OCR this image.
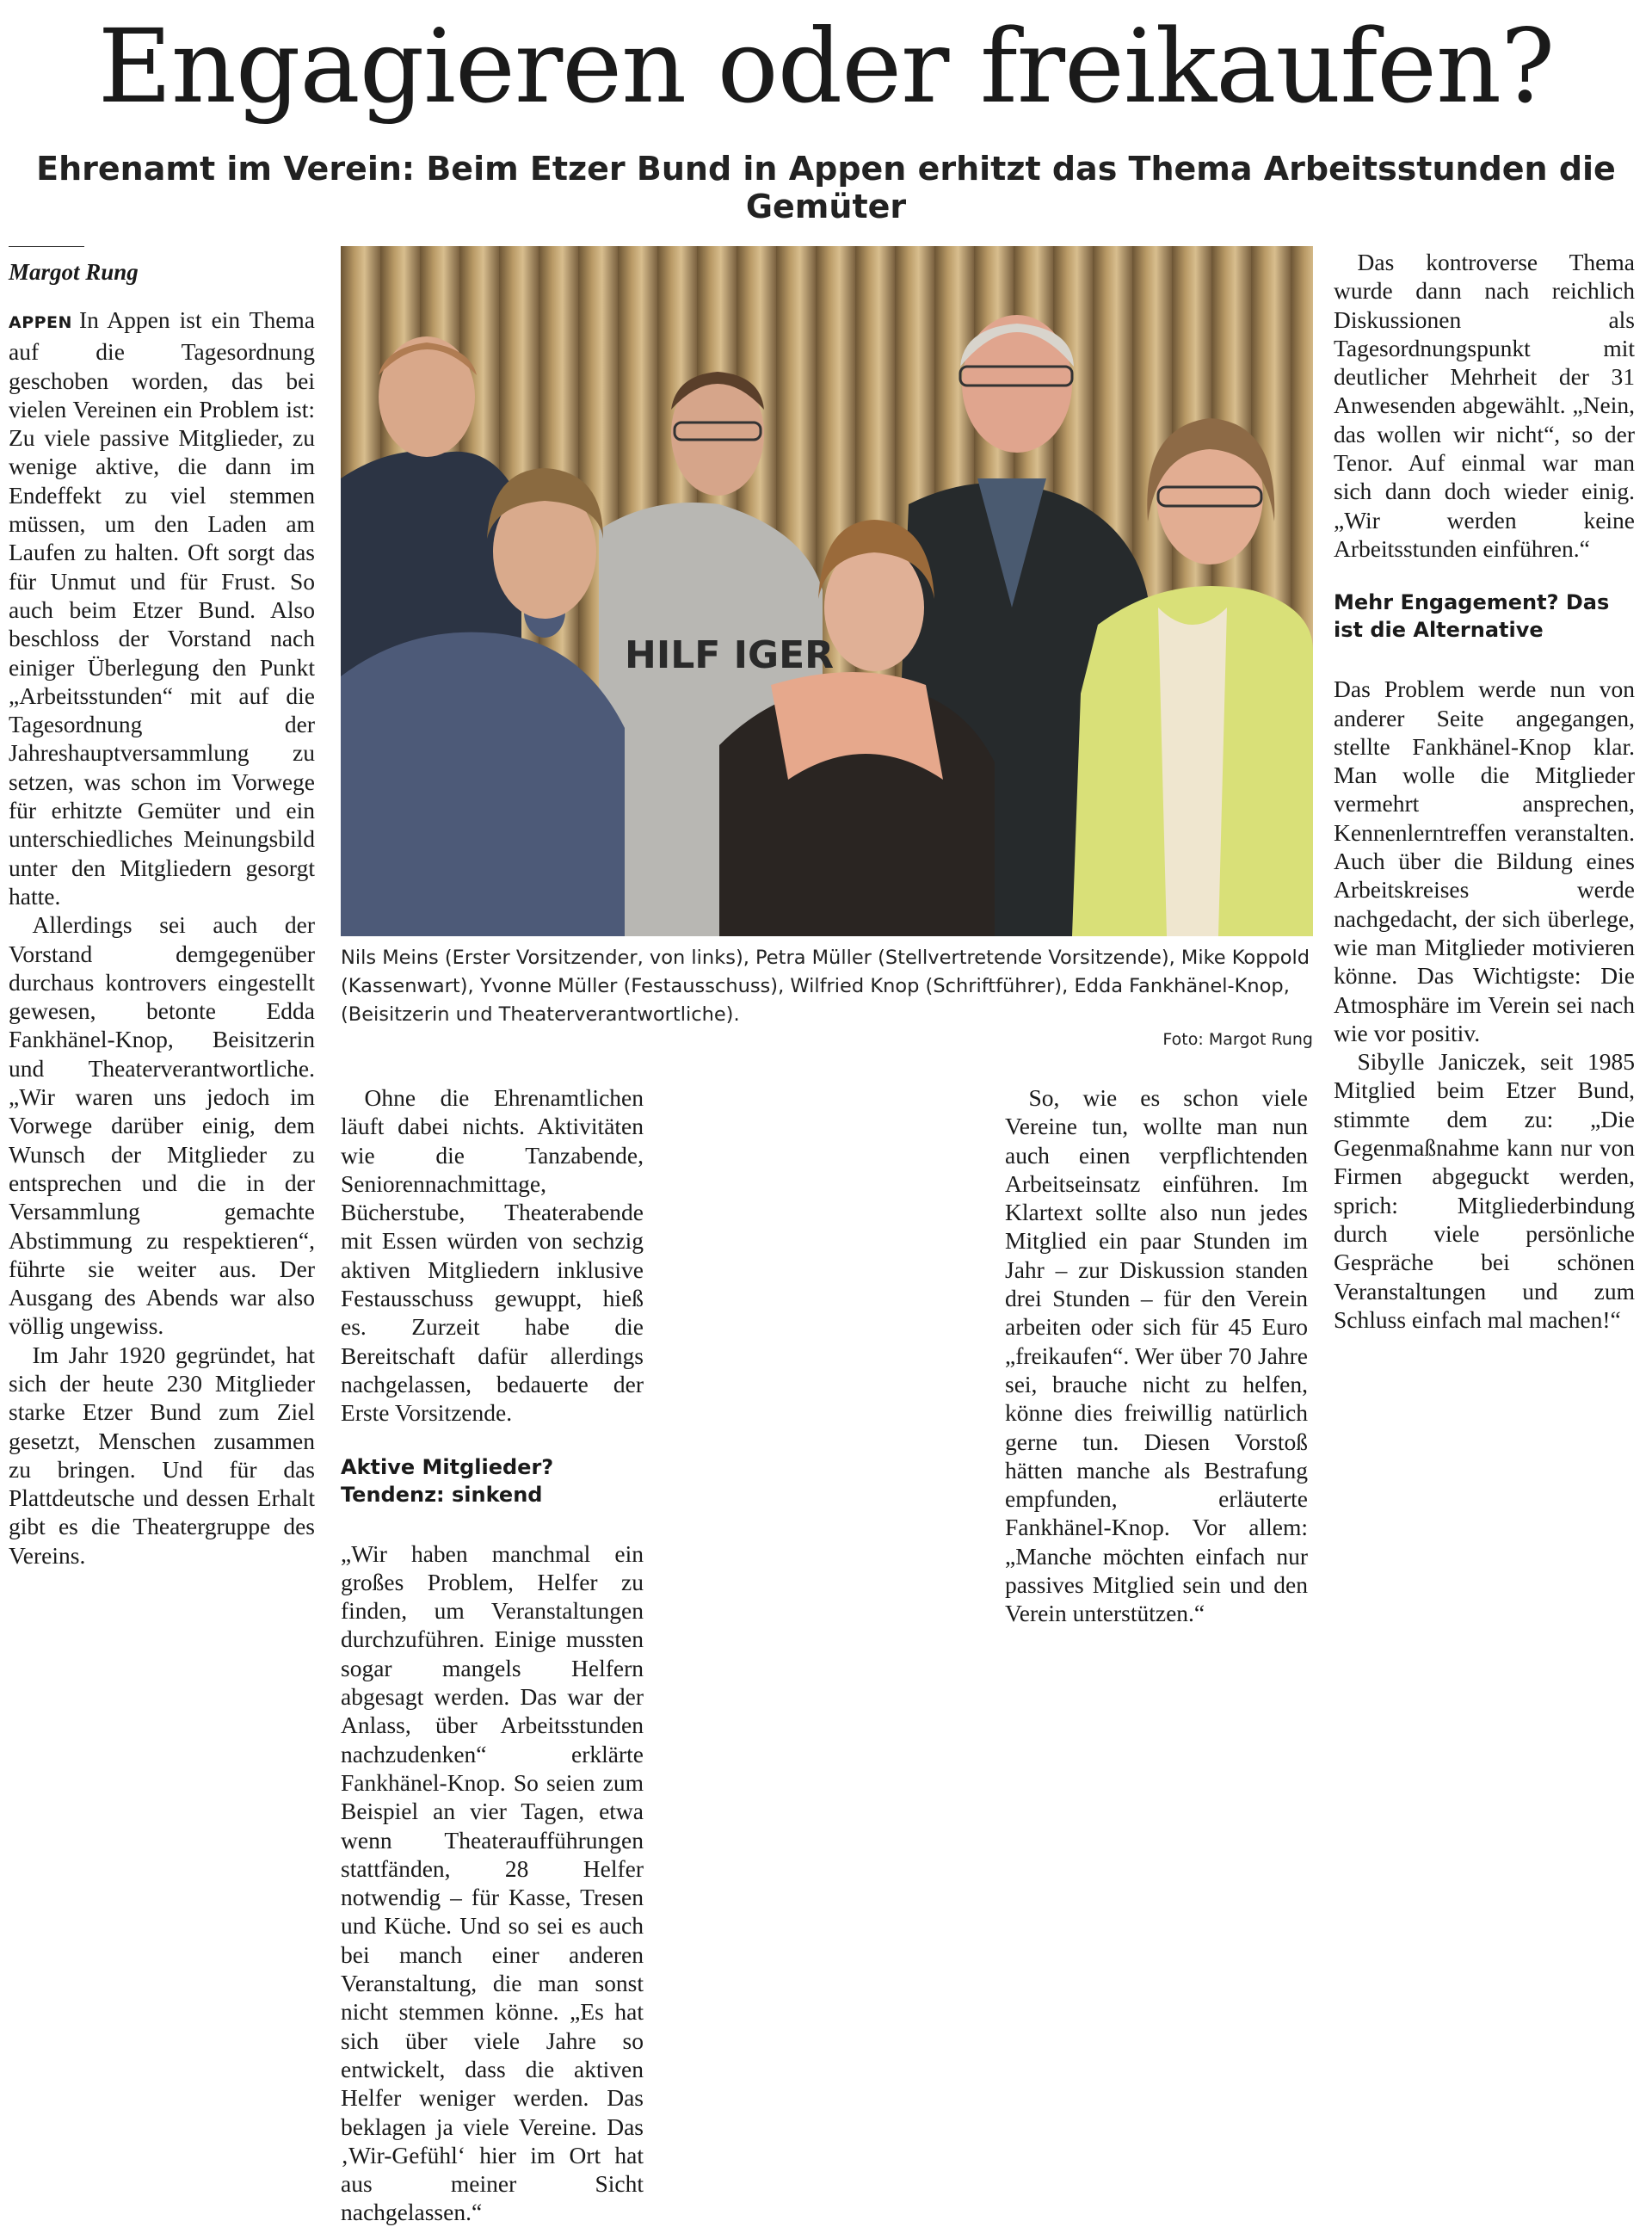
Engagieren oder freikaufen?
Ehrenamt im Verein: Beim Etzer Bund in Appen erhitzt das Thema Arbeitsstunden die Gemüter
Margot Rung

APPEN In Appen ist ein Thema auf die Tagesordnung geschoben worden, das bei vielen Vereinen ein Problem ist: Zu viele passive Mitglieder, zu wenige aktive, die dann im Endeffekt zu viel stemmen müssen, um den Laden am Laufen zu halten. Oft sorgt das für Unmut und für Frust. So auch beim Etzer Bund. Also beschloss der Vorstand nach einiger Überlegung den Punkt „Arbeitsstunden“ mit auf die Tagesordnung der Jahreshauptversammlung zu setzen, was schon im Vorwege für erhitzte Gemüter und ein unterschiedliches Meinungsbild unter den Mitgliedern gesorgt hatte.

Allerdings sei auch der Vorstand demgegenüber durchaus kontrovers eingestellt gewesen, betonte Edda Fankhänel-Knop, Beisitzerin und Theaterverantwortliche. „Wir waren uns jedoch im Vorwege darüber einig, dem Wunsch der Mitglieder zu entsprechen und die in der Versammlung gemachte Abstimmung zu respektieren“, führte sie weiter aus. Der Ausgang des Abends war also völlig ungewiss.

Im Jahr 1920 gegründet, hat sich der heute 230 Mitglieder starke Etzer Bund zum Ziel gesetzt, Menschen zusammen zu bringen. Und für das Plattdeutsche und dessen Erhalt gibt es die Theatergruppe des Vereins.

HILF IGER
Nils Meins (Erster Vorsitzender, von links), Petra Müller (Stellvertretende Vorsitzende), Mike Koppold (Kassenwart), Yvonne Müller (Festausschuss), Wilfried Knop (Schriftführer), Edda Fankhänel-Knop, (Beisitzerin und Theaterverantwortliche).
Foto: Margot Rung

Ohne die Ehrenamtlichen läuft dabei nichts. Aktivitäten wie die Tanzabende, Seniorennachmittage, Bücherstube, Theaterabende mit Essen würden von sechzig aktiven Mitgliedern inklusive Festausschuss gewuppt, hieß es. Zurzeit habe die Bereitschaft dafür allerdings nachgelassen, bedauerte der Erste Vorsitzende.

Aktive Mitglieder? Tendenz: sinkend

„Wir haben manchmal ein großes Problem, Helfer zu finden, um Veranstaltungen durchzuführen. Einige mussten sogar mangels Helfern abgesagt werden. Das war der Anlass, über Arbeitsstunden nachzudenken“ erklärte Fankhänel-Knop. So seien zum Beispiel an vier Tagen, etwa wenn Theateraufführungen stattfänden, 28 Helfer notwendig – für Kasse, Tresen und Küche. Und so sei es auch bei manch einer anderen Veranstaltung, die man sonst nicht stemmen könne. „Es hat sich über viele Jahre so entwickelt, dass die aktiven Helfer weniger werden. Das beklagen ja viele Vereine. Das ‚Wir-Gefühl‘ hier im Ort hat aus meiner Sicht nachgelassen.“

So, wie es schon viele Vereine tun, wollte man nun auch einen verpflichtenden Arbeitseinsatz einführen. Im Klartext sollte also nun jedes Mitglied ein paar Stunden im Jahr – zur Diskussion standen drei Stunden – für den Verein arbeiten oder sich für 45 Euro „freikaufen“. Wer über 70 Jahre sei, brauche nicht zu helfen, könne dies freiwillig natürlich gerne tun. Diesen Vorstoß hätten manche als Bestrafung empfunden, erläuterte Fankhänel-Knop. Vor allem: „Manche möchten einfach nur passives Mitglied sein und den Verein unterstützen.“

Das kontroverse Thema wurde dann nach reichlich Diskussionen als Tagesordnungspunkt mit deutlicher Mehrheit der 31 Anwesenden abgewählt. „Nein, das wollen wir nicht“, so der Tenor. Auf einmal war man sich dann doch wieder einig. „Wir werden keine Arbeitsstunden einführen.“

Mehr Engagement? Das ist die Alternative

Das Problem werde nun von anderer Seite angegangen, stellte Fankhänel-Knop klar. Man wolle die Mitglieder vermehrt ansprechen, Kennenlerntreffen veranstalten. Auch über die Bildung eines Arbeitskreises werde nachgedacht, der sich überlege, wie man Mitglieder motivieren könne. Das Wichtigste: Die Atmosphäre im Verein sei nach wie vor positiv.

Sibylle Janiczek, seit 1985 Mitglied beim Etzer Bund, stimmte dem zu: „Die Gegenmaßnahme kann nur von Firmen abgeguckt werden, sprich: Mitgliederbindung durch viele persönliche Gespräche bei schönen Veranstaltungen und zum Schluss einfach mal machen!“
